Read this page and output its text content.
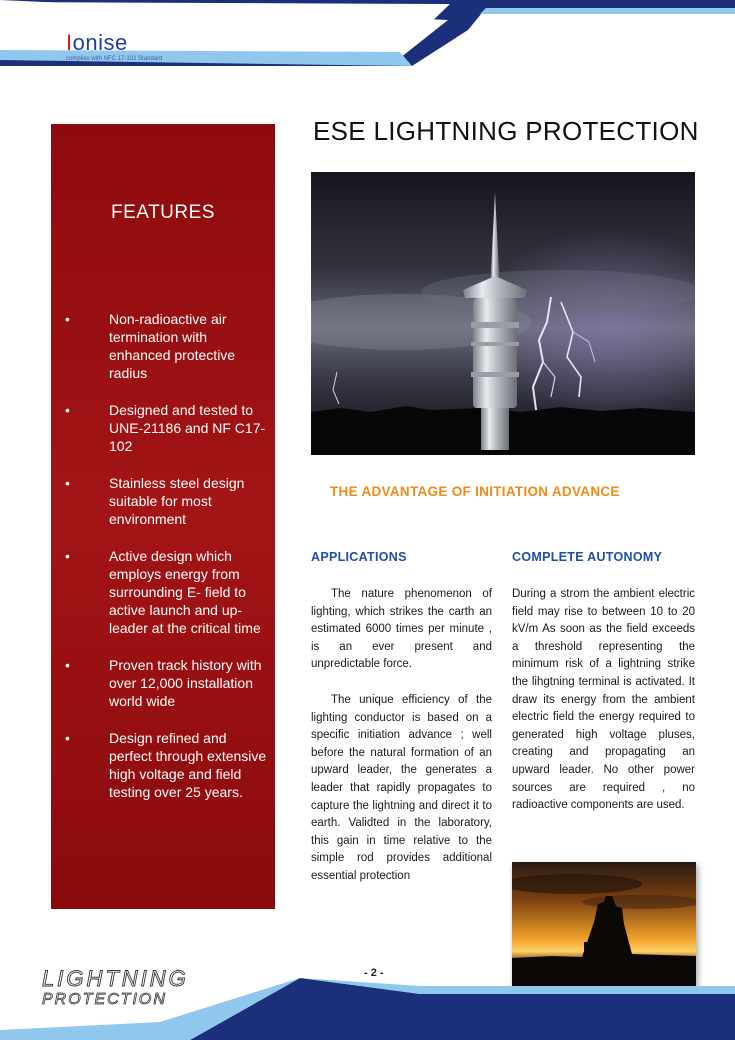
Ionise
complies with NFC 17-102 Standard
FEATURES
•	Non-radioactive air termination with enhanced protective radius
•	Designed and tested to UNE-21186 and NF C17-102
•	Stainless steel design suitable for most environment
•	Active design which employs energy from surrounding E- field to active launch and up- leader at the critical time
•	Proven track history with over 12,000 installation world wide
•	Design refined and perfect through extensive high voltage and field testing over 25 years.
ESE LIGHTNING PROTECTION
THE ADVANTAGE OF INITIATION ADVANCE
APPLICATIONS

The nature phenomenon of lighting, which strikes the carth an estimated 6000 times per minute , is an ever present and unpredictable force.

The unique efficiency of the lighting conductor is based on a specific initiation advance ; well before the natural formation of an upward leader, the generates a leader that rapidly propagates to capture the lightning and direct it to earth. Validted in the laboratory, this gain in time relative to the simple rod provides additional essential protection

COMPLETE AUTONOMY

During a strom the ambient electric field may rise to between 10 to 20 kV/m As soon as the field exceeds a threshold representing the minimum risk of a lightning strike the lihgtning terminal is activated. It draw its energy from the ambient electric field the energy required to generated high voltage pluses, creating and propagating an upward leader. No other power sources are required , no radioactive components are used.

- 2 -
LIGHTNING
PROTECTION
